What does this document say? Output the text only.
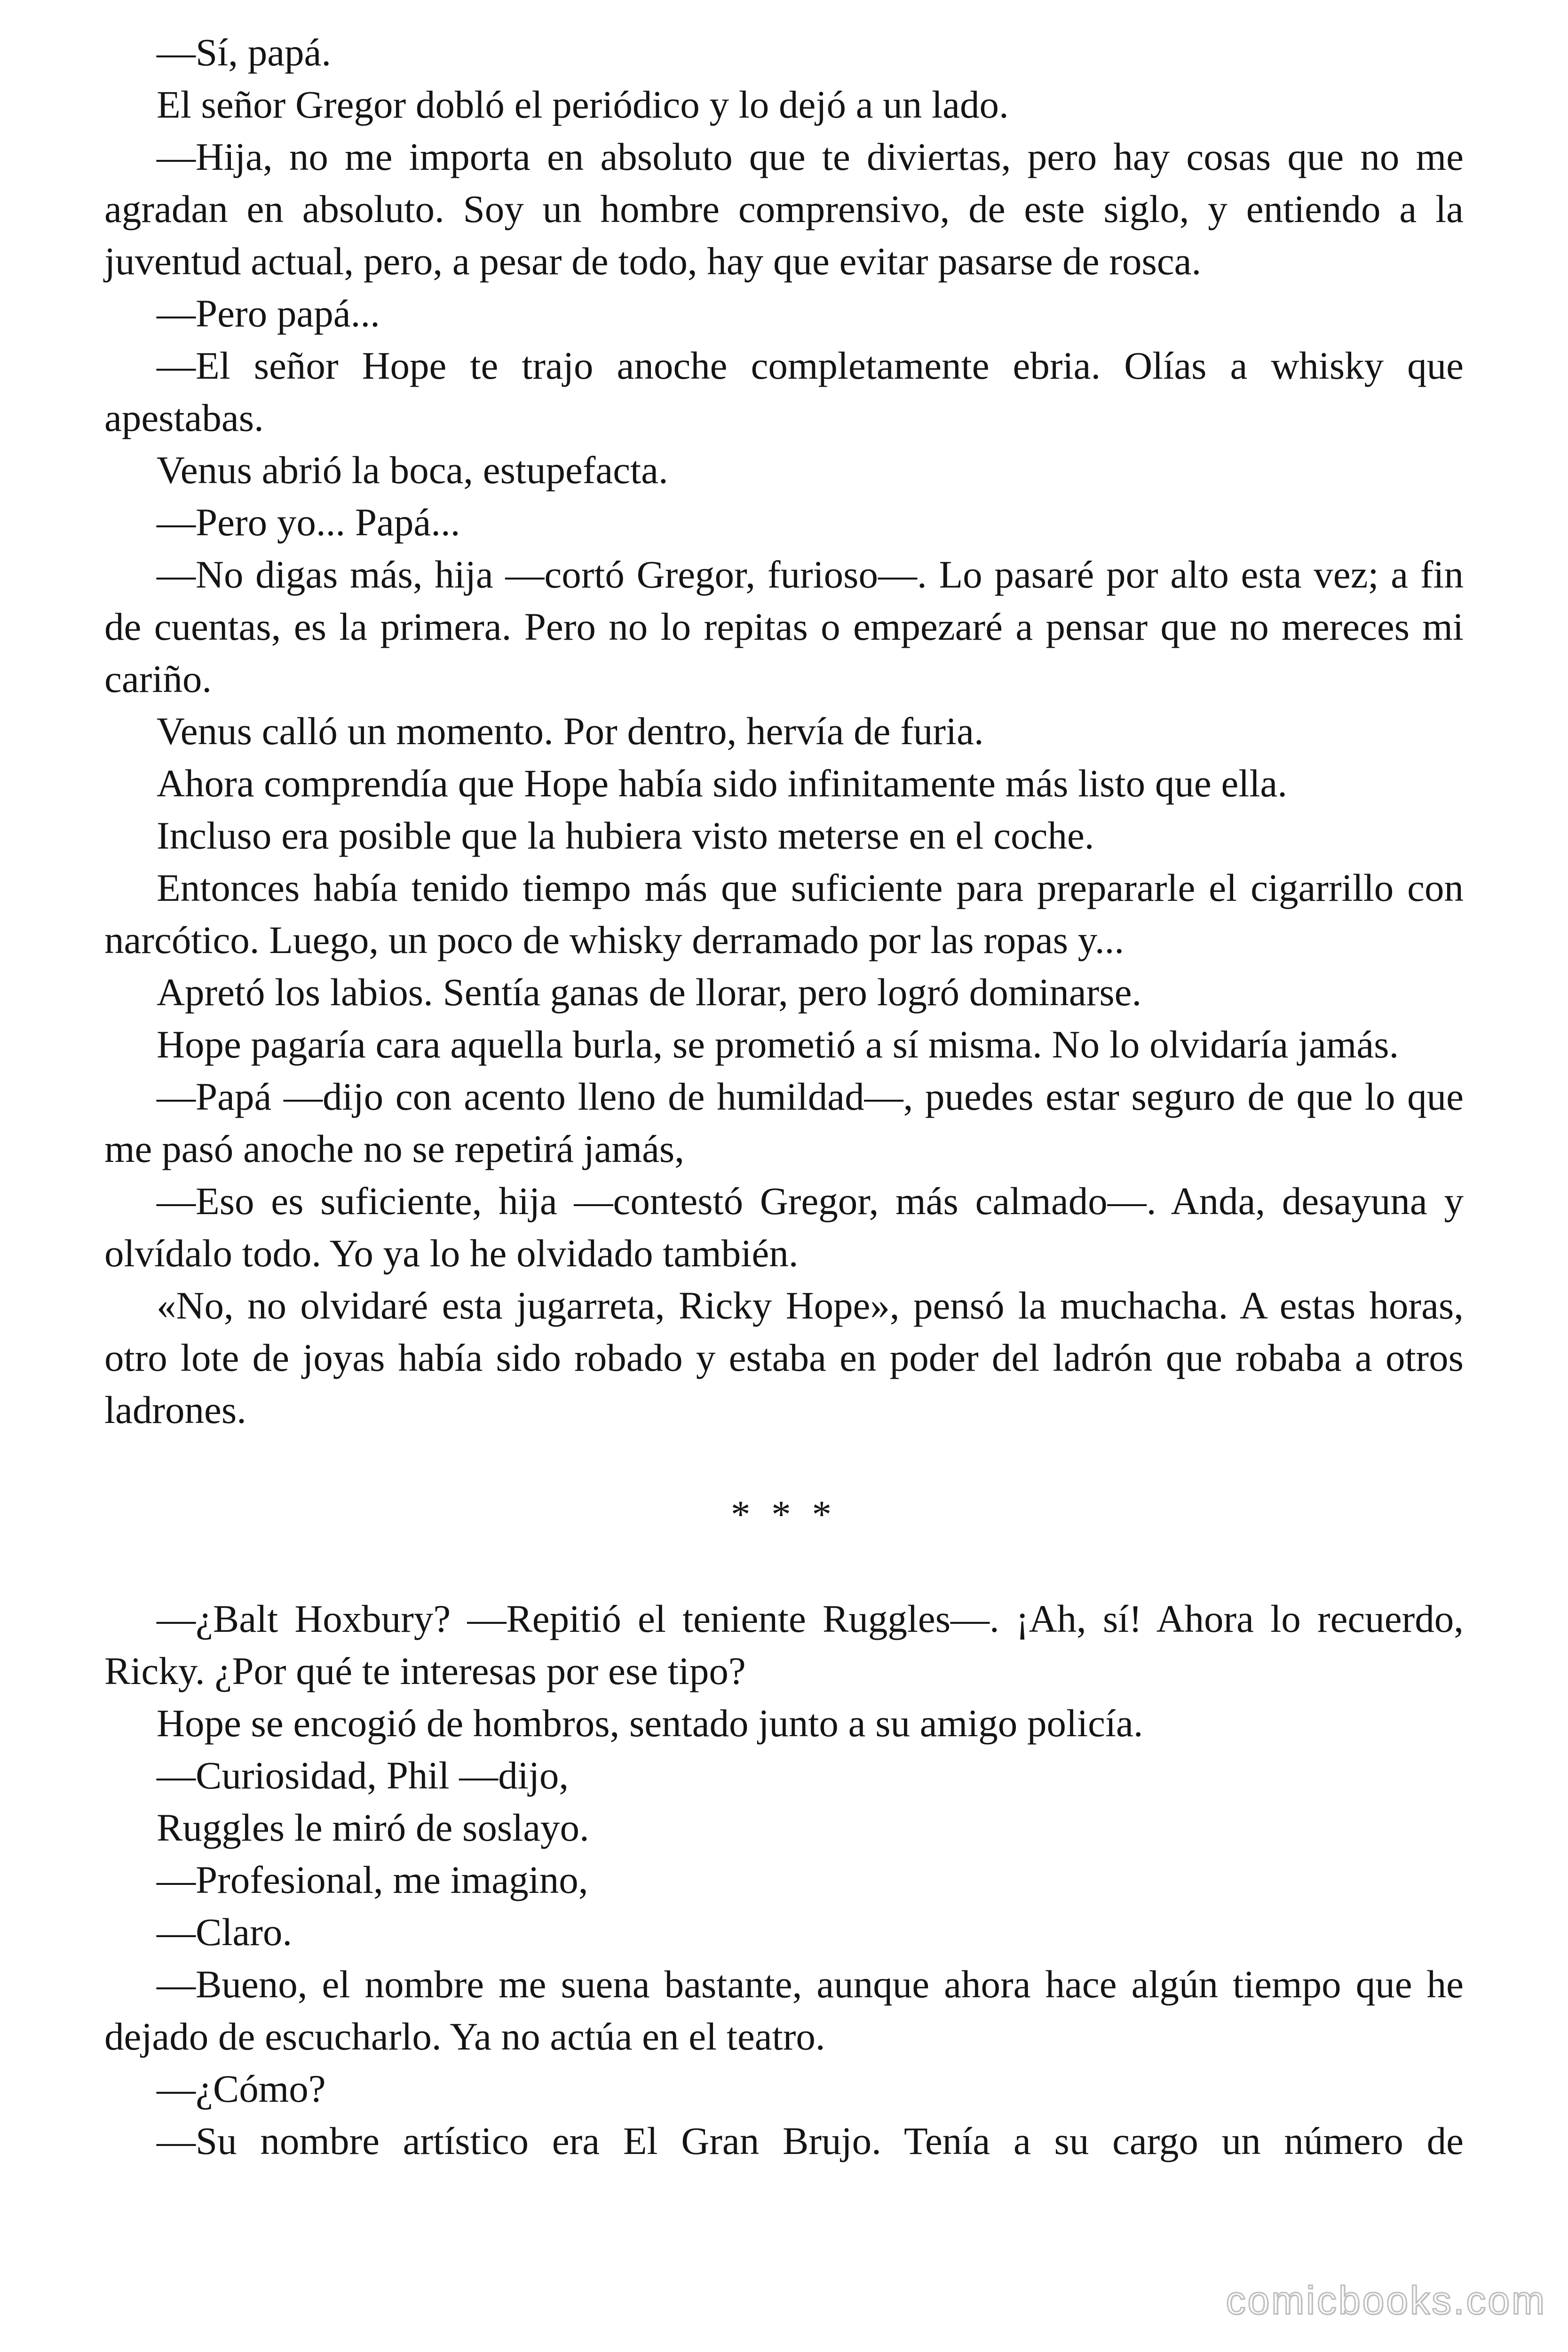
—Sí, papá.

El señor Gregor dobló el periódico y lo dejó a un lado.

—Hija, no me importa en absoluto que te diviertas, pero hay cosas que no me agradan en absoluto. Soy un hombre comprensivo, de este siglo, y entiendo a la juventud actual, pero, a pesar de todo, hay que evitar pasarse de rosca.

—Pero papá...

—El señor Hope te trajo anoche completamente ebria. Olías a whisky que apestabas.

Venus abrió la boca, estupefacta.

—Pero yo... Papá...

—No digas más, hija —cortó Gregor, furioso—. Lo pasaré por alto esta vez; a fin de cuentas, es la primera. Pero no lo repitas o empezaré a pensar que no mereces mi cariño.

Venus calló un momento. Por dentro, hervía de furia.

Ahora comprendía que Hope había sido infinitamente más listo que ella.

Incluso era posible que la hubiera visto meterse en el coche.

Entonces había tenido tiempo más que suficiente para prepararle el cigarrillo con narcótico. Luego, un poco de whisky derramado por las ropas y...

Apretó los labios. Sentía ganas de llorar, pero logró dominarse.

Hope pagaría cara aquella burla, se prometió a sí misma. No lo olvidaría jamás.

—Papá —dijo con acento lleno de humildad—, puedes estar seguro de que lo que me pasó anoche no se repetirá jamás,

—Eso es suficiente, hija —contestó Gregor, más calmado—. Anda, desayuna y olvídalo todo. Yo ya lo he olvidado también.

«No, no olvidaré esta jugarreta, Ricky Hope», pensó la muchacha. A estas horas, otro lote de joyas había sido robado y estaba en poder del ladrón que robaba a otros ladrones.

* * *

—¿Balt Hoxbury? —Repitió el teniente Ruggles—. ¡Ah, sí! Ahora lo recuerdo, Ricky. ¿Por qué te interesas por ese tipo?

Hope se encogió de hombros, sentado junto a su amigo policía.

—Curiosidad, Phil —dijo,

Ruggles le miró de soslayo.

—Profesional, me imagino,

—Claro.

—Bueno, el nombre me suena bastante, aunque ahora hace algún tiempo que he dejado de escucharlo. Ya no actúa en el teatro.

—¿Cómo?

—Su nombre artístico era El Gran Brujo. Tenía a su cargo un número de

comicbooks.com
